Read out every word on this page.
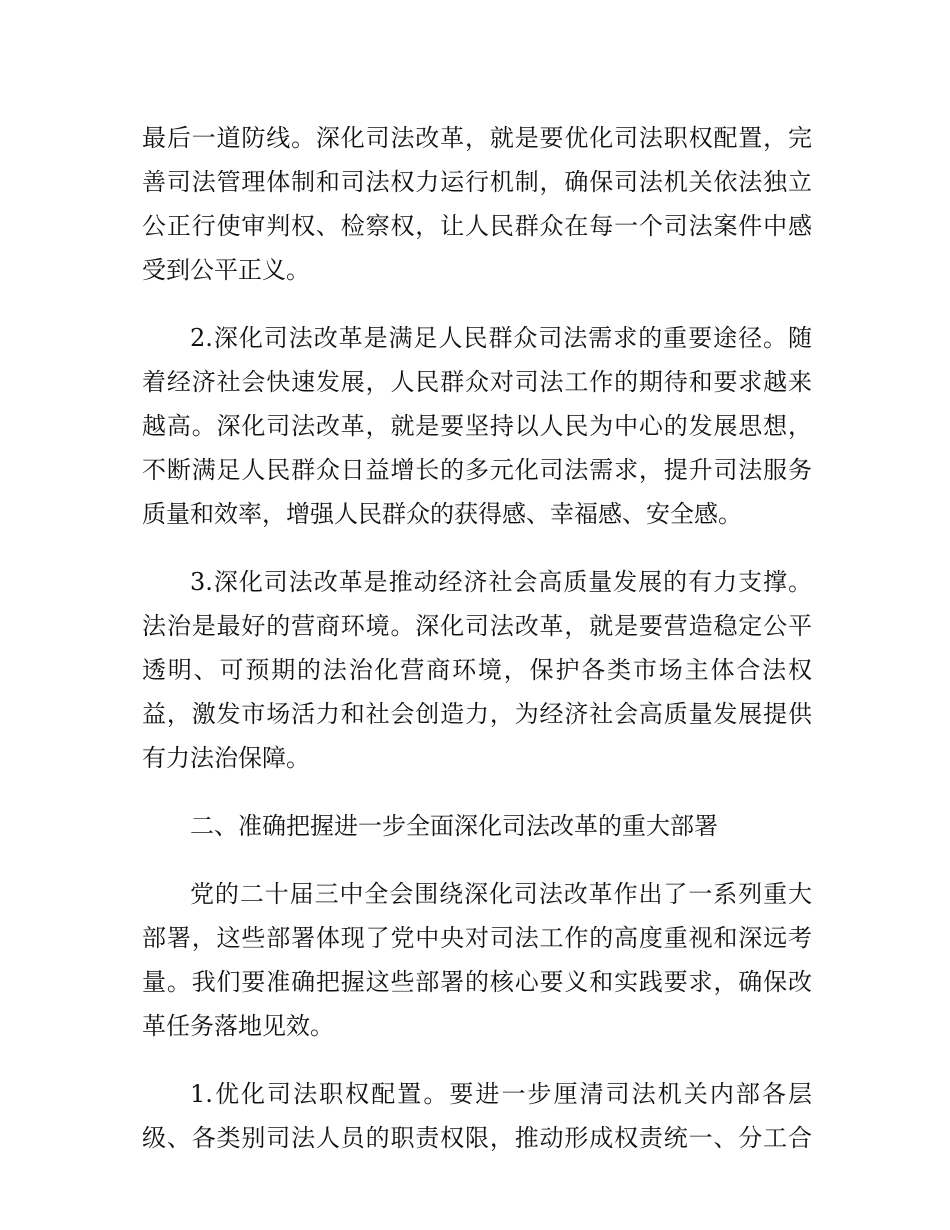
最后一道防线。深化司法改革，就是要优化司法职权配置，完
善司法管理体制和司法权力运行机制，确保司法机关依法独立
公正行使审判权、检察权，让人民群众在每一个司法案件中感
受到公平正义。
2.深化司法改革是满足人民群众司法需求的重要途径。随
着经济社会快速发展，人民群众对司法工作的期待和要求越来
越高。深化司法改革，就是要坚持以人民为中心的发展思想，
不断满足人民群众日益增长的多元化司法需求，提升司法服务
质量和效率，增强人民群众的获得感、幸福感、安全感。
3.深化司法改革是推动经济社会高质量发展的有力支撑。
法治是最好的营商环境。深化司法改革，就是要营造稳定公平
透明、可预期的法治化营商环境，保护各类市场主体合法权
益，激发市场活力和社会创造力，为经济社会高质量发展提供
有力法治保障。
二、准确把握进一步全面深化司法改革的重大部署
党的二十届三中全会围绕深化司法改革作出了一系列重大
部署，这些部署体现了党中央对司法工作的高度重视和深远考
量。我们要准确把握这些部署的核心要义和实践要求，确保改
革任务落地见效。
1.优化司法职权配置。要进一步厘清司法机关内部各层
级、各类别司法人员的职责权限，推动形成权责统一、分工合
